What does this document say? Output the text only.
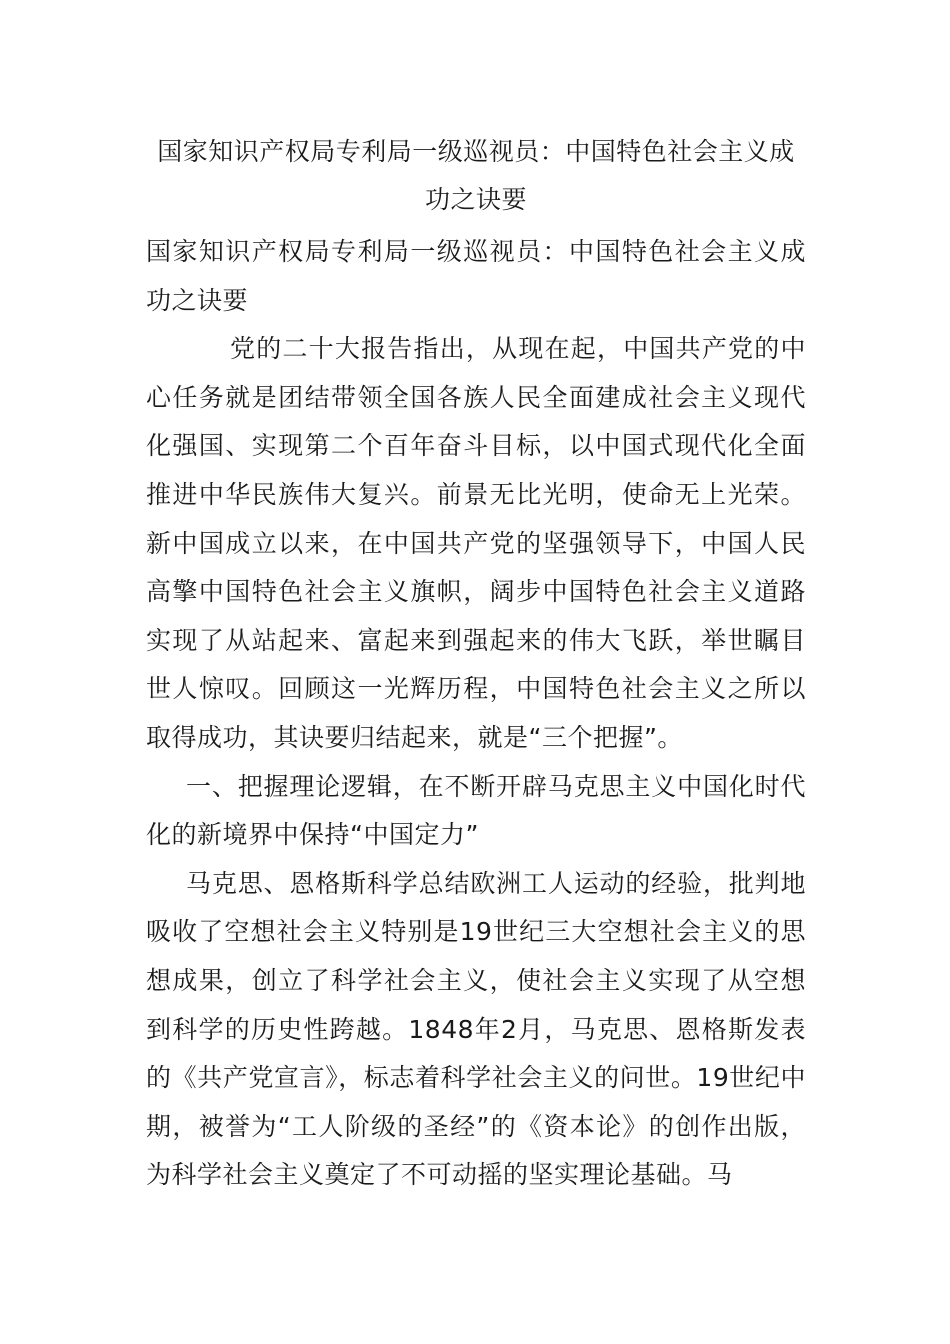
国家知识产权局专利局一级巡视员：中国特色社会主义成功之诀要

国家知识产权局专利局一级巡视员：中国特色社会主义成功之诀要

党的二十大报告指出，从现在起，中国共产党的中心任务就是团结带领全国各族人民全面建成社会主义现代化强国、实现第二个百年奋斗目标，以中国式现代化全面推进中华民族伟大复兴。前景无比光明，使命无上光荣。新中国成立以来，在中国共产党的坚强领导下，中国人民高擎中国特色社会主义旗帜，阔步中国特色社会主义道路实现了从站起来、富起来到强起来的伟大飞跃，举世瞩目世人惊叹。回顾这一光辉历程，中国特色社会主义之所以取得成功，其诀要归结起来，就是“三个把握”。

一、把握理论逻辑，在不断开辟马克思主义中国化时代化的新境界中保持“中国定力”

马克思、恩格斯科学总结欧洲工人运动的经验，批判地吸收了空想社会主义特别是19世纪三大空想社会主义的思想成果，创立了科学社会主义，使社会主义实现了从空想到科学的历史性跨越。1848年2月，马克思、恩格斯发表的《共产党宣言》，标志着科学社会主义的问世。19世纪中期，被誉为“工人阶级的圣经”的《资本论》的创作出版，为科学社会主义奠定了不可动摇的坚实理论基础。马
